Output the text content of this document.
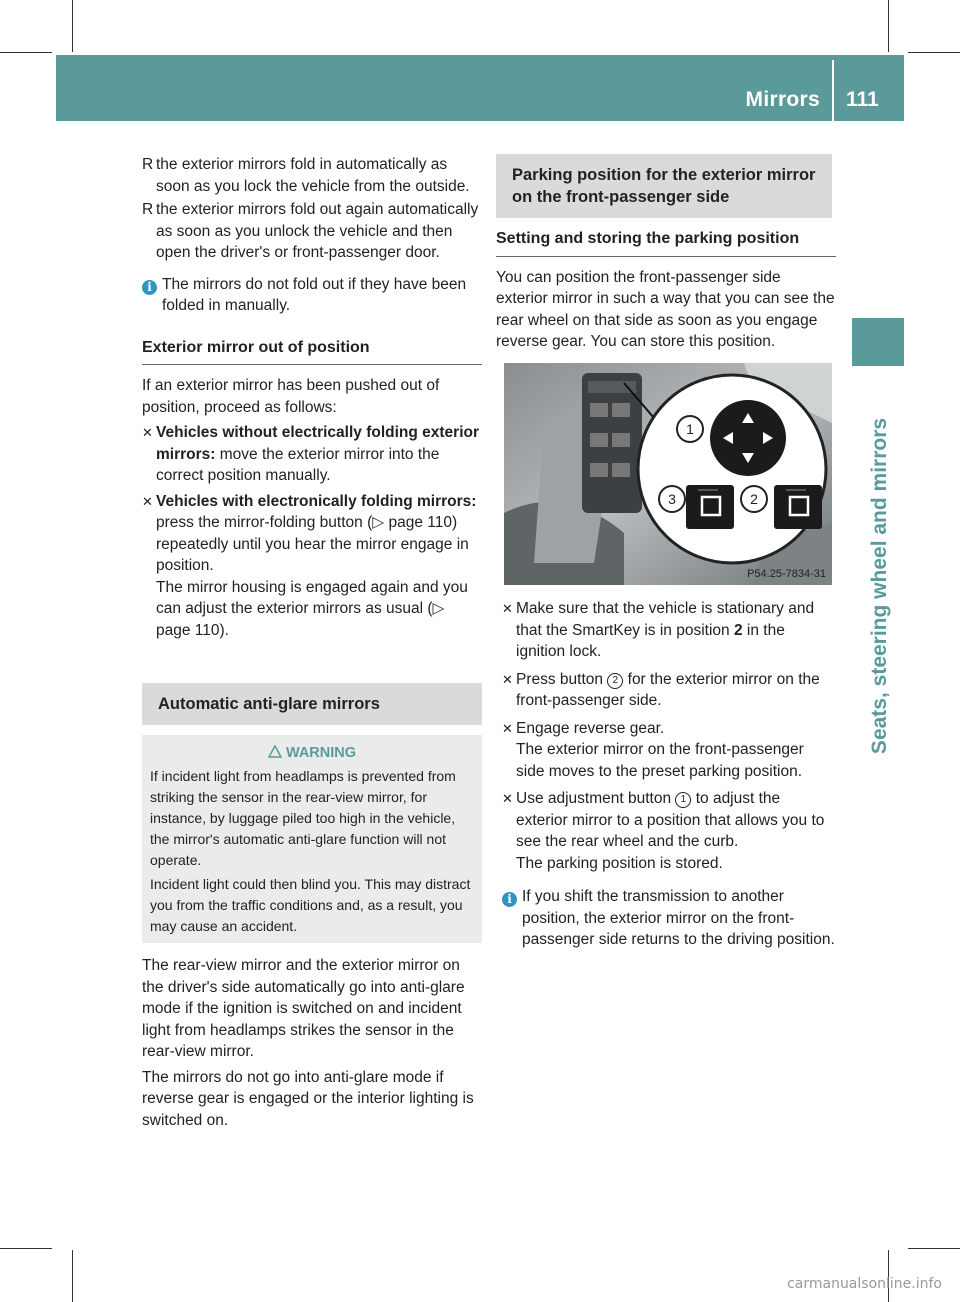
Mirrors 111
Seats, steering wheel and mirrors
R the exterior mirrors fold in automatically as soon as you lock the vehicle from the outside.
R the exterior mirrors fold out again automatically as soon as you unlock the vehicle and then open the driver's or front-passenger door.
i The mirrors do not fold out if they have been folded in manually.
Exterior mirror out of position

If an exterior mirror has been pushed out of position, proceed as follows:

✕ Vehicles without electrically folding exterior mirrors: move the exterior mirror into the correct position manually.
✕ Vehicles with electronically folding mirrors: press the mirror-folding button (▷ page 110) repeatedly until you hear the mirror engage in position.
The mirror housing is engaged again and you can adjust the exterior mirrors as usual (▷ page 110).
Automatic anti-glare mirrors
WARNING

If incident light from headlamps is prevented from striking the sensor in the rear-view mirror, for instance, by luggage piled too high in the vehicle, the mirror's automatic anti-glare function will not operate.

Incident light could then blind you. This may distract you from the traffic conditions and, as a result, you may cause an accident.

The rear-view mirror and the exterior mirror on the driver's side automatically go into anti-glare mode if the ignition is switched on and incident light from headlamps strikes the sensor in the rear-view mirror.

The mirrors do not go into anti-glare mode if reverse gear is engaged or the interior lighting is switched on.

Parking position for the exterior mirror on the front-passenger side
Setting and storing the parking position

You can position the front-passenger side exterior mirror in such a way that you can see the rear wheel on that side as soon as you engage reverse gear. You can store this position.

1
2
3
P54.25-7834-31
✕ Make sure that the vehicle is stationary and that the SmartKey is in position 2 in the ignition lock.
✕ Press button 2 for the exterior mirror on the front-passenger side.
✕ Engage reverse gear.
The exterior mirror on the front-passenger side moves to the preset parking position.
✕ Use adjustment button 1 to adjust the exterior mirror to a position that allows you to see the rear wheel and the curb.
The parking position is stored.
i If you shift the transmission to another position, the exterior mirror on the front-passenger side returns to the driving position.
carmanualsonline.info
